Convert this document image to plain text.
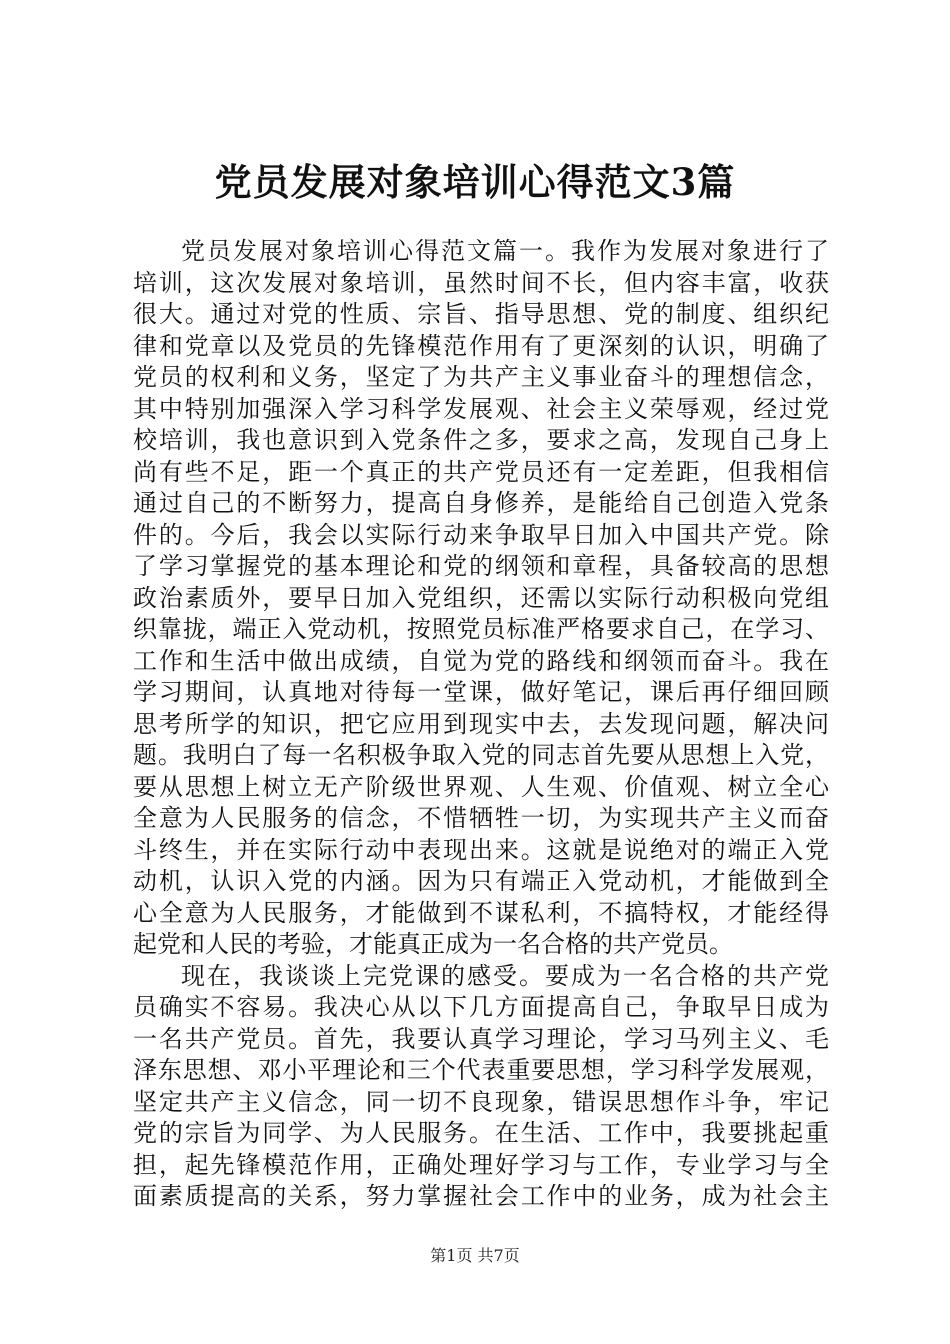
党员发展对象培训心得范文3篇
党员发展对象培训心得范文篇一。我作为发展对象进行了
培训，这次发展对象培训，虽然时间不长，但内容丰富，收获
很大。通过对党的性质、宗旨、指导思想、党的制度、组织纪
律和党章以及党员的先锋模范作用有了更深刻的认识，明确了
党员的权利和义务，坚定了为共产主义事业奋斗的理想信念，
其中特别加强深入学习科学发展观、社会主义荣辱观，经过党
校培训，我也意识到入党条件之多，要求之高，发现自己身上
尚有些不足，距一个真正的共产党员还有一定差距，但我相信
通过自己的不断努力，提高自身修养，是能给自己创造入党条
件的。今后，我会以实际行动来争取早日加入中国共产党。除
了学习掌握党的基本理论和党的纲领和章程，具备较高的思想
政治素质外，要早日加入党组织，还需以实际行动积极向党组
织靠拢，端正入党动机，按照党员标准严格要求自己，在学习、
工作和生活中做出成绩，自觉为党的路线和纲领而奋斗。我在
学习期间，认真地对待每一堂课，做好笔记，课后再仔细回顾
思考所学的知识，把它应用到现实中去，去发现问题，解决问
题。我明白了每一名积极争取入党的同志首先要从思想上入党，
要从思想上树立无产阶级世界观、人生观、价值观、树立全心
全意为人民服务的信念，不惜牺牲一切，为实现共产主义而奋
斗终生，并在实际行动中表现出来。这就是说绝对的端正入党
动机，认识入党的内涵。因为只有端正入党动机，才能做到全
心全意为人民服务，才能做到不谋私利，不搞特权，才能经得
起党和人民的考验，才能真正成为一名合格的共产党员。
现在，我谈谈上完党课的感受。要成为一名合格的共产党
员确实不容易。我决心从以下几方面提高自己，争取早日成为
一名共产党员。首先，我要认真学习理论，学习马列主义、毛
泽东思想、邓小平理论和三个代表重要思想，学习科学发展观，
坚定共产主义信念，同一切不良现象，错误思想作斗争，牢记
党的宗旨为同学、为人民服务。在生活、工作中，我要挑起重
担，起先锋模范作用，正确处理好学习与工作，专业学习与全
面素质提高的关系，努力掌握社会工作中的业务，成为社会主
第1页 共7页
